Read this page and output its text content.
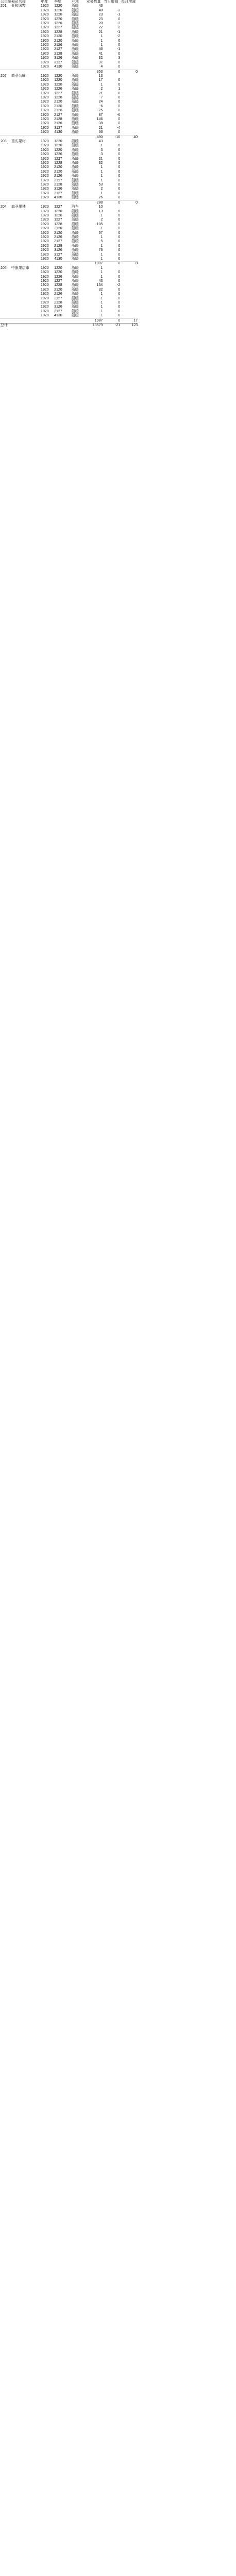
公司编号	公司名称	年度	季度	产地	业务数量	当日增减	每月增减
201	亚和国客	1920	1220	浙暖	43		
		1920	1220	浙暖	40	-3	
		1920	1220	浙暖	23	-1	
		1920	1220	浙暖	23	0	
		1920	1226	浙暖	20	-3	
		1920	1227	浙暖	22	2	
		1920	1228	浙暖	21	-1	
		1920	2120	浙暖	1	-2	
		1920	2120	浙暖	1	0	
		1920	2126	浙暖	1	0	
		1920	2127	浙暖	46	-1	
		1920	2128	浙暖	41	0	
		1920	3126	浙暖	32	3	
		1920	3127	浙暖	37	0	
		1920	4130	浙暖	4	0	
					353	0	0
202	商业公输	1920	1220	浙暖	13		
		1920	1220	浙暖	17	0	
		1920	1220	浙暖	1	0	
		1920	1226	浙暖	2	1	
		1920	1227	浙暖	21	0	
		1920	1228	浙暖	7	0	
		1920	2120	浙暖	24	0	
		1920	2120	浙暖	-6	0	
		1920	2126	浙暖	-25	0	
		1920	2127	浙暖	87	-6	
		1920	2128	浙暖	146	0	
		1920	3126	浙暖	38	0	
		1920	3127	浙暖	21	-4	
		1920	4130	浙暖	66	0	
					490	-10	40
203	重庆果树	1920	1220	浙暖	43		
		1920	1220	浙暖	1	0	
		1920	1220	浙暖	3	0	
		1920	1226	浙暖	3	0	
		1920	1227	浙暖	21	0	
		1920	1228	浙暖	32	0	
		1920	2120	浙暖	1	0	
		1920	2120	浙暖	1	0	
		1920	2126	浙暖	1	0	
		1920	2127	浙暖	1	0	
		1920	2128	浙暖	53	0	
		1920	3126	浙暖	2	0	
		1920	3127	浙暖	1	0	
		1920	4130	浙暖	26	0	
					288	0	0
204	旗圣果林	1920	1227	汽车	10		
		1920	1220	浙暖	13	0	
		1920	1226	浙暖	1	0	
		1920	1227	浙暖	2	0	
		1920	1228	浙暖	105	0	
		1920	2120	浙暖	1	0	
		1920	2120	浙暖	57	0	
		1920	2126	浙暖	1	0	
		1920	2127	浙暖	5	0	
		1920	2128	浙暖	1	0	
		1920	3126	浙暖	76	0	
		1920	3127	浙暖	1	0	
		1920	4130	浙暖	1	0	
					1007	0	0
206	中康果店市	1920	1220	浙暖	1		
		1920	1220	浙暖	1	0	
		1920	1226	浙暖	1	0	
		1920	1227	浙暖	43	0	
		1920	1228	浙暖	134	-2	
		1920	2120	浙暖	32	0	
		1920	2126	浙暖	1	0	
		1920	2127	浙暖	1	0	
		1920	2128	浙暖	1	0	
		1920	3126	浙暖	1	0	
		1920	3127	浙暖	1	0	
		1920	4130	浙暖	1	0	
					1987	0	17
总计					13579	-21	123
